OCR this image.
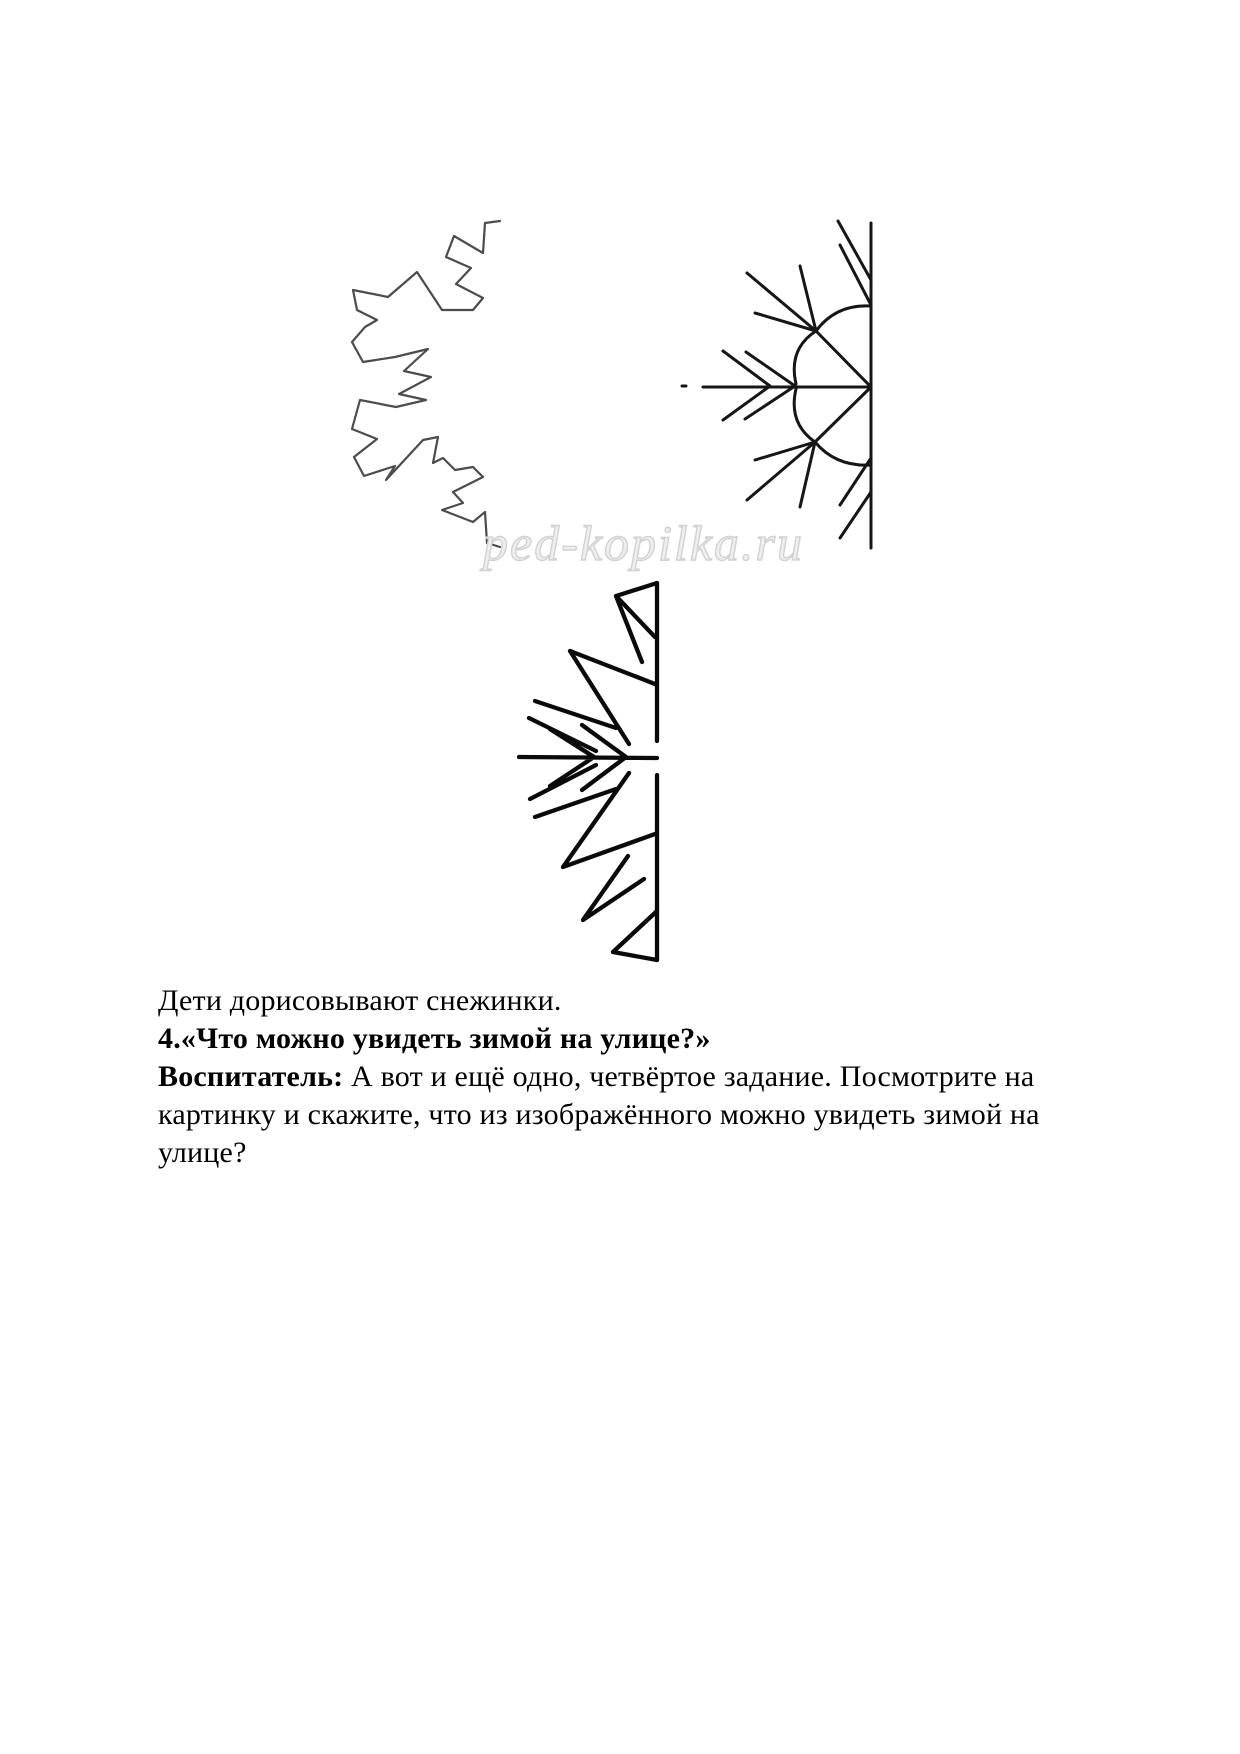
ped-kopilka.ru
Дети дорисовывают снежинки.
4.«Что можно увидеть зимой на улице?»
Воспитатель: А вот и ещё одно, четвёртое задание. Посмотрите на
картинку и скажите, что из изображённого можно увидеть зимой на
улице?
